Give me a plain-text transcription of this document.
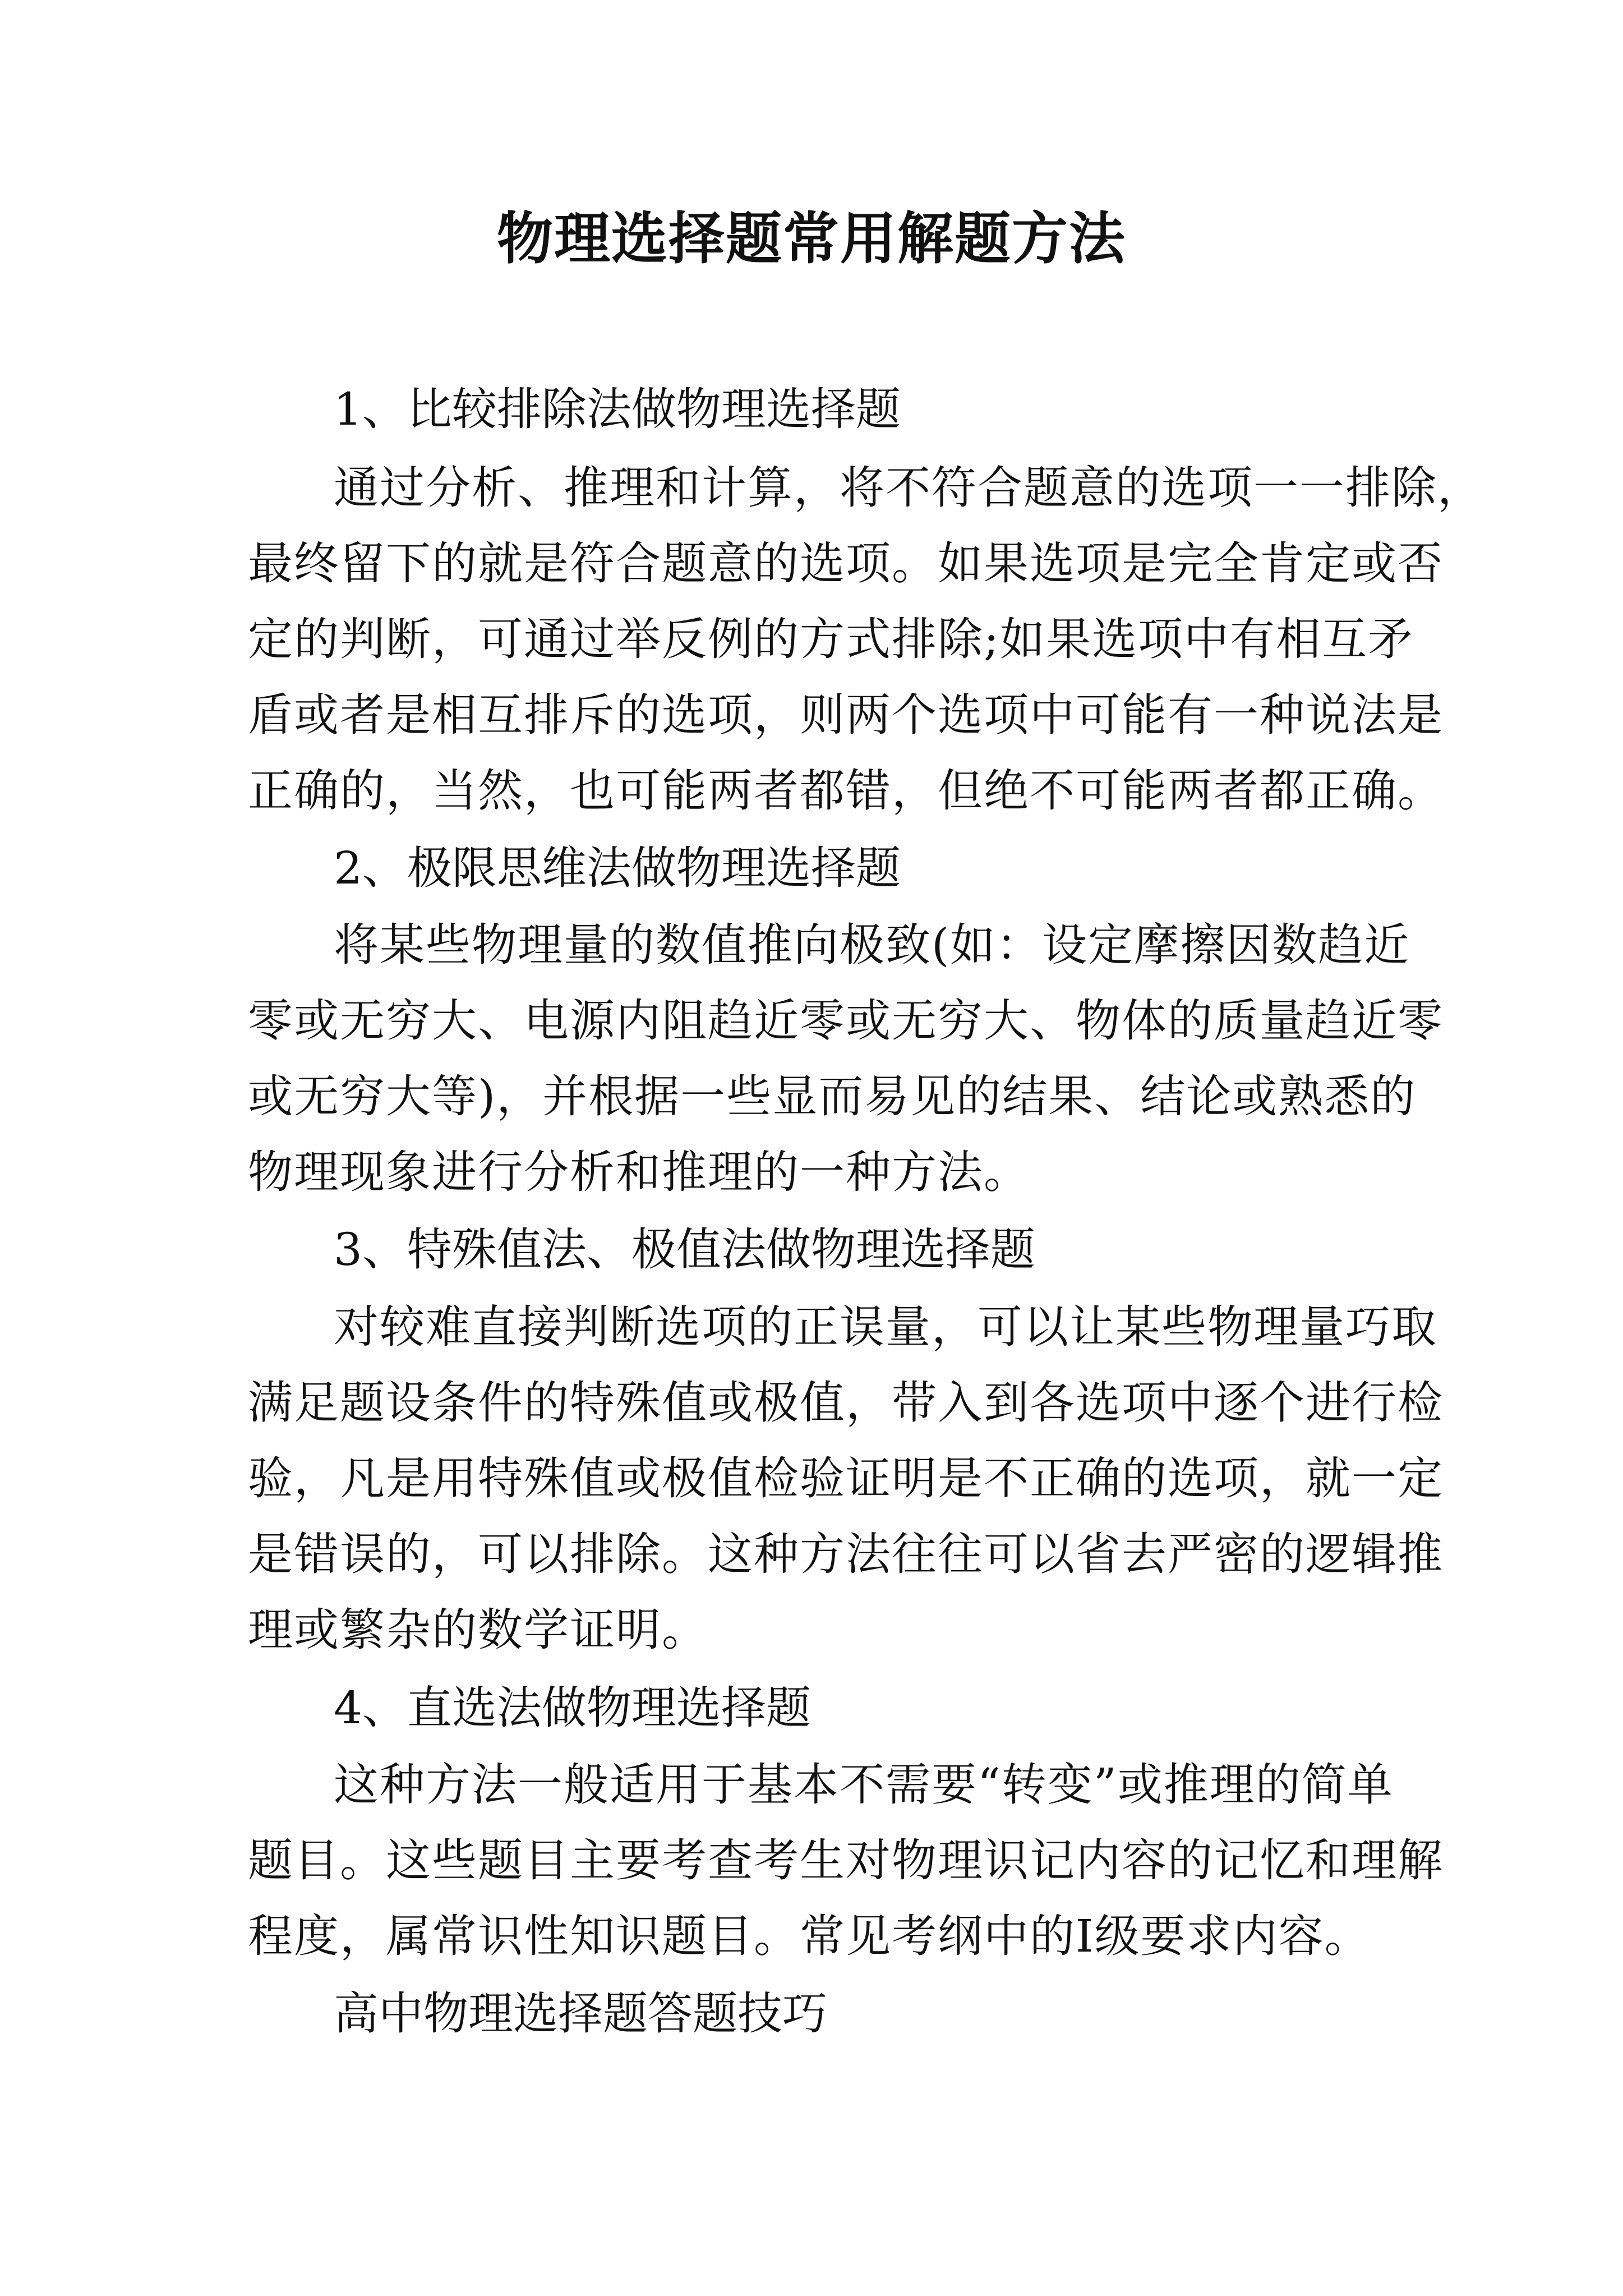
物理选择题常用解题方法
1、比较排除法做物理选择题
通过分析、推理和计算，将不符合题意的选项一一排除，
最终留下的就是符合题意的选项。如果选项是完全肯定或否
定的判断，可通过举反例的方式排除;如果选项中有相互矛
盾或者是相互排斥的选项，则两个选项中可能有一种说法是
正确的，当然，也可能两者都错，但绝不可能两者都正确。
2、极限思维法做物理选择题
将某些物理量的数值推向极致(如：设定摩擦因数趋近
零或无穷大、电源内阻趋近零或无穷大、物体的质量趋近零
或无穷大等)，并根据一些显而易见的结果、结论或熟悉的
物理现象进行分析和推理的一种方法。
3、特殊值法、极值法做物理选择题
对较难直接判断选项的正误量，可以让某些物理量巧取
满足题设条件的特殊值或极值，带入到各选项中逐个进行检
验，凡是用特殊值或极值检验证明是不正确的选项，就一定
是错误的，可以排除。这种方法往往可以省去严密的逻辑推
理或繁杂的数学证明。
4、直选法做物理选择题
这种方法一般适用于基本不需要“转变”或推理的简单
题目。这些题目主要考查考生对物理识记内容的记忆和理解
程度，属常识性知识题目。常见考纲中的Ⅰ级要求内容。
高中物理选择题答题技巧
